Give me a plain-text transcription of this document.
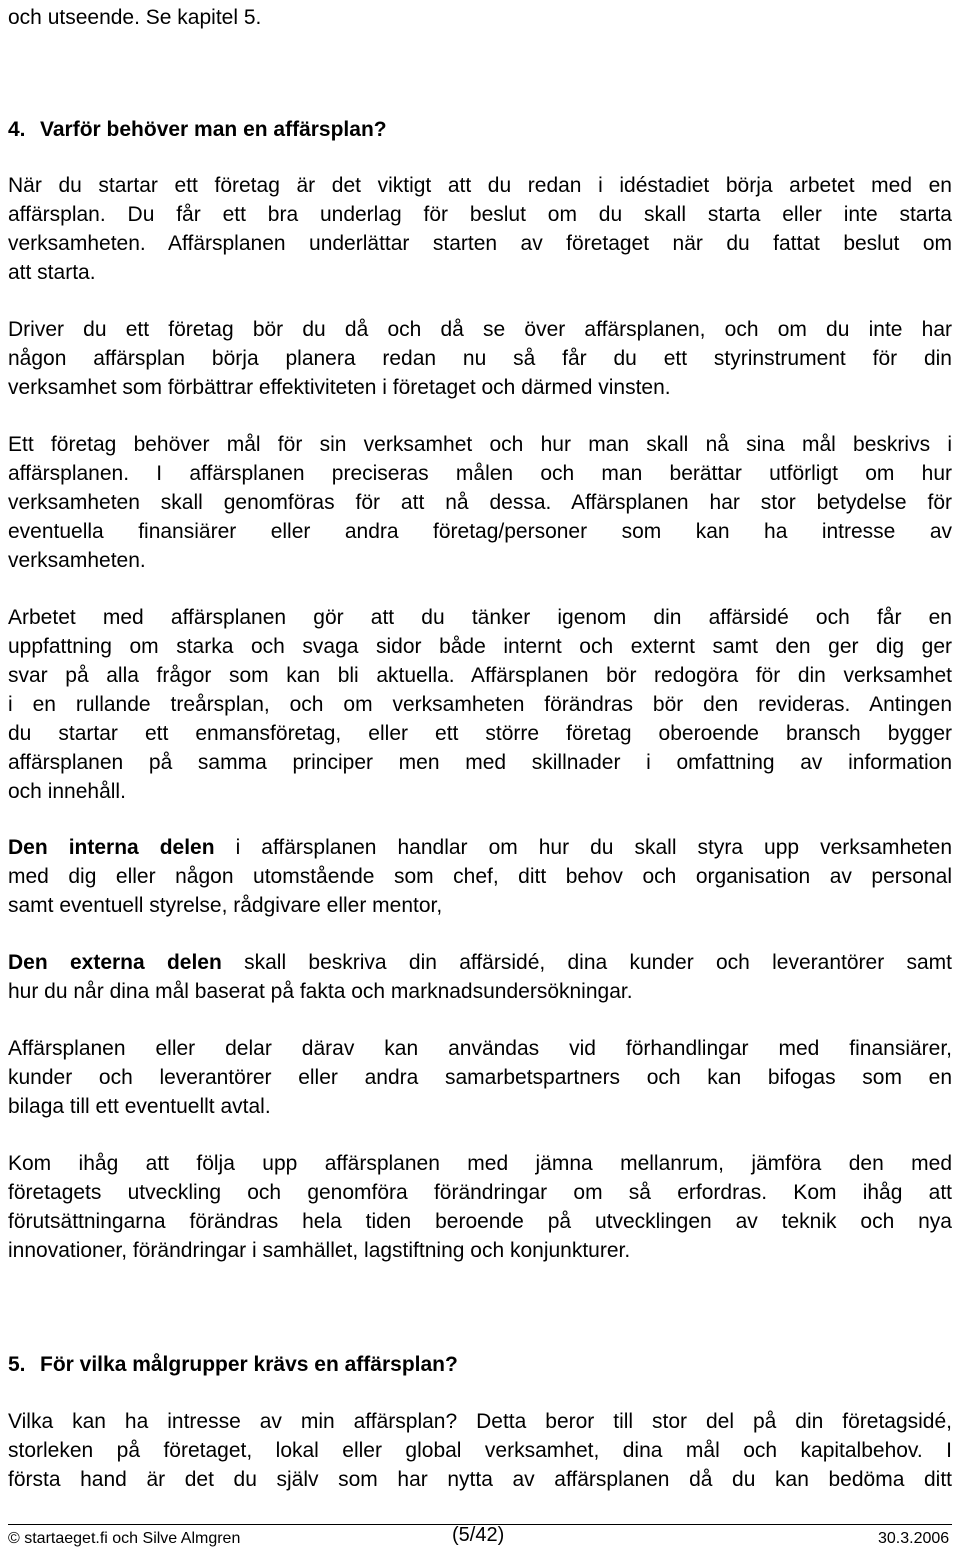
och utseende. Se kapitel 5.
4. Varför behöver man en affärsplan?
När du startar ett företag är det viktigt att du redan i idéstadiet börja arbetet med en
affärsplan. Du får ett bra underlag för beslut om du skall starta eller inte starta
verksamheten. Affärsplanen underlättar starten av företaget när du fattat beslut om
att starta.
Driver du ett företag bör du då och då se över affärsplanen, och om du inte har
någon affärsplan börja planera redan nu så får du ett styrinstrument för din
verksamhet som förbättrar effektiviteten i företaget och därmed vinsten.
Ett företag behöver mål för sin verksamhet och hur man skall nå sina mål beskrivs i
affärsplanen. I affärsplanen preciseras målen och man berättar utförligt om hur
verksamheten skall genomföras för att nå dessa. Affärsplanen har stor betydelse för
eventuella finansiärer eller andra företag/personer som kan ha intresse av
verksamheten.
Arbetet med affärsplanen gör att du tänker igenom din affärsidé och får en
uppfattning om starka och svaga sidor både internt och externt samt den ger dig ger
svar på alla frågor som kan bli aktuella. Affärsplanen bör redogöra för din verksamhet
i en rullande treårsplan, och om verksamheten förändras bör den revideras. Antingen
du startar ett enmansföretag, eller ett större företag oberoende bransch bygger
affärsplanen på samma principer men med skillnader i omfattning av information
och innehåll.
Den interna delen i affärsplanen handlar om hur du skall styra upp verksamheten
med dig eller någon utomstående som chef, ditt behov och organisation av personal
samt eventuell styrelse, rådgivare eller mentor,
Den externa delen skall beskriva din affärsidé, dina kunder och leverantörer samt
hur du når dina mål baserat på fakta och marknadsundersökningar.
Affärsplanen eller delar därav kan användas vid förhandlingar med finansiärer,
kunder och leverantörer eller andra samarbetspartners och kan bifogas som en
bilaga till ett eventuellt avtal.
Kom ihåg att följa upp affärsplanen med jämna mellanrum, jämföra den med
företagets utveckling och genomföra förändringar om så erfordras. Kom ihåg att
förutsättningarna förändras hela tiden beroende på utvecklingen av teknik och nya
innovationer, förändringar i samhället, lagstiftning och konjunkturer.
5. För vilka målgrupper krävs en affärsplan?
Vilka kan ha intresse av min affärsplan? Detta beror till stor del på din företagsidé,
storleken på företaget, lokal eller global verksamhet, dina mål och kapitalbehov. I
första hand är det du själv som har nytta av affärsplanen då du kan bedöma ditt
© startaeget.fi och Silve Almgren	(5/42)	30.3.2006
